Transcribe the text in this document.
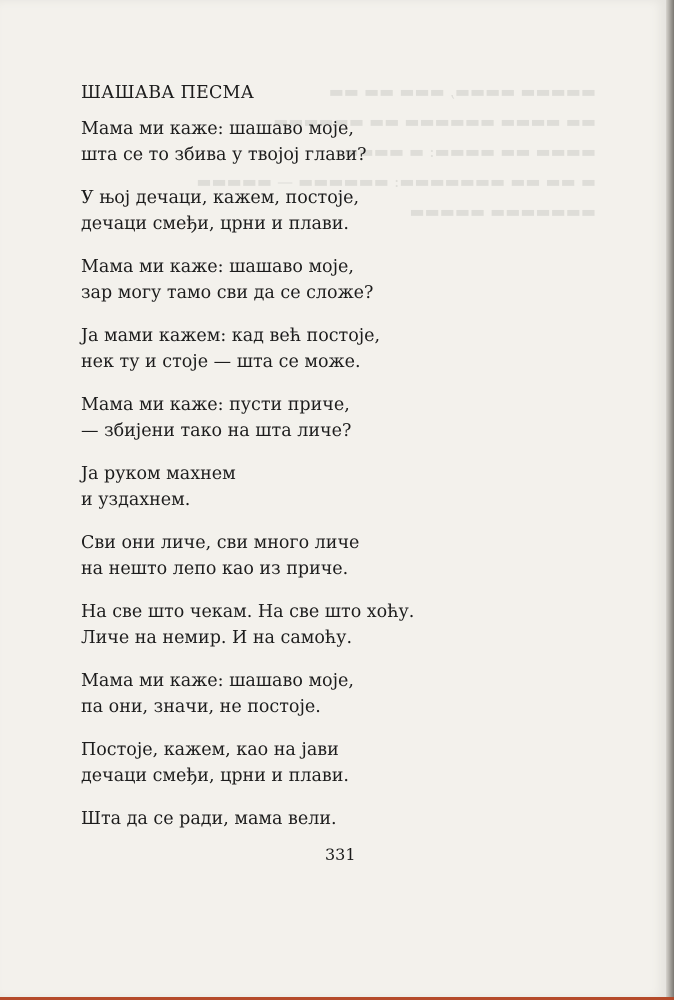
▬▬▬▬▬ ▬▬▬▬, ▬▬▬ ▬▬ ▬▬
▬▬ ▬▬▬▬ ▬▬▬▬▬▬ ▬▬ ▬▬▬▬▬▬
▬▬▬▬ ▬▬ ▬▬▬▬: ▬ ▬▬▬▬
▬ ▬▬ ▬▬ ▬▬▬▬▬▬▬: ▬▬▬▬▬▬ — ▬▬▬▬▬
▬▬▬▬▬▬▬ ▬▬▬▬▬
ШАШАВА ПЕСМА
Мама ми каже: шашаво моје,
шта се то збива у твојој глави?
У њој дечаци, кажем, постоје,
дечаци смеђи, црни и плави.
Мама ми каже: шашаво моје,
зар могу тамо сви да се сложе?
Ја мами кажем: кад већ постоје,
нек ту и стоје — шта се може.
Мама ми каже: пусти приче,
— збијени тако на шта личе?
Ја руком махнем
и уздахнем.
Сви они личе, сви много личе
на нешто лепо као из приче.
На све што чекам. На све што хоћу.
Личе на немир. И на самоћу.
Мама ми каже: шашаво моје,
па они, значи, не постоје.
Постоје, кажем, као на јави
дечаци смеђи, црни и плави.
Шта да се ради, мама вели.
331
